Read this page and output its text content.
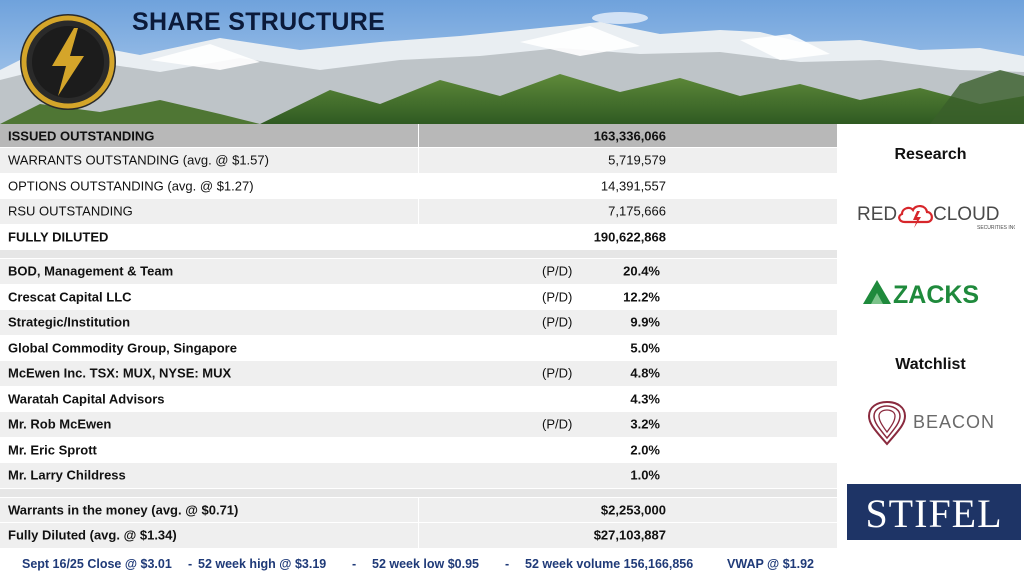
SHARE STRUCTURE
ISSUED OUTSTANDING	163,336,066
WARRANTS OUTSTANDING (avg. @ $1.57)	5,719,579
OPTIONS OUTSTANDING (avg. @ $1.27)	14,391,557
RSU OUTSTANDING	7,175,666
FULLY DILUTED	190,622,868
BOD, Management & Team	(P/D)	20.4%
Crescat Capital LLC	(P/D)	12.2%
Strategic/Institution	(P/D)	9.9%
Global Commodity Group, Singapore	5.0%
McEwen Inc. TSX: MUX, NYSE: MUX	(P/D)	4.8%
Waratah Capital Advisors	4.3%
Mr. Rob McEwen	(P/D)	3.2%
Mr. Eric Sprott	2.0%
Mr. Larry Childress	1.0%
Warrants in the money (avg. @ $0.71)	$2,253,000
Fully Diluted (avg. @ $1.34)	$27,103,887
Sept 16/25 Close @ $3.01 - 52 week high @ $3.19 - 52 week low $0.95 - 52 week volume 156,166,856	VWAP @ $1.92
Research
RED CLOUD
SECURITIES INC.
ZACKS
Watchlist
BEACON
STIFEL
